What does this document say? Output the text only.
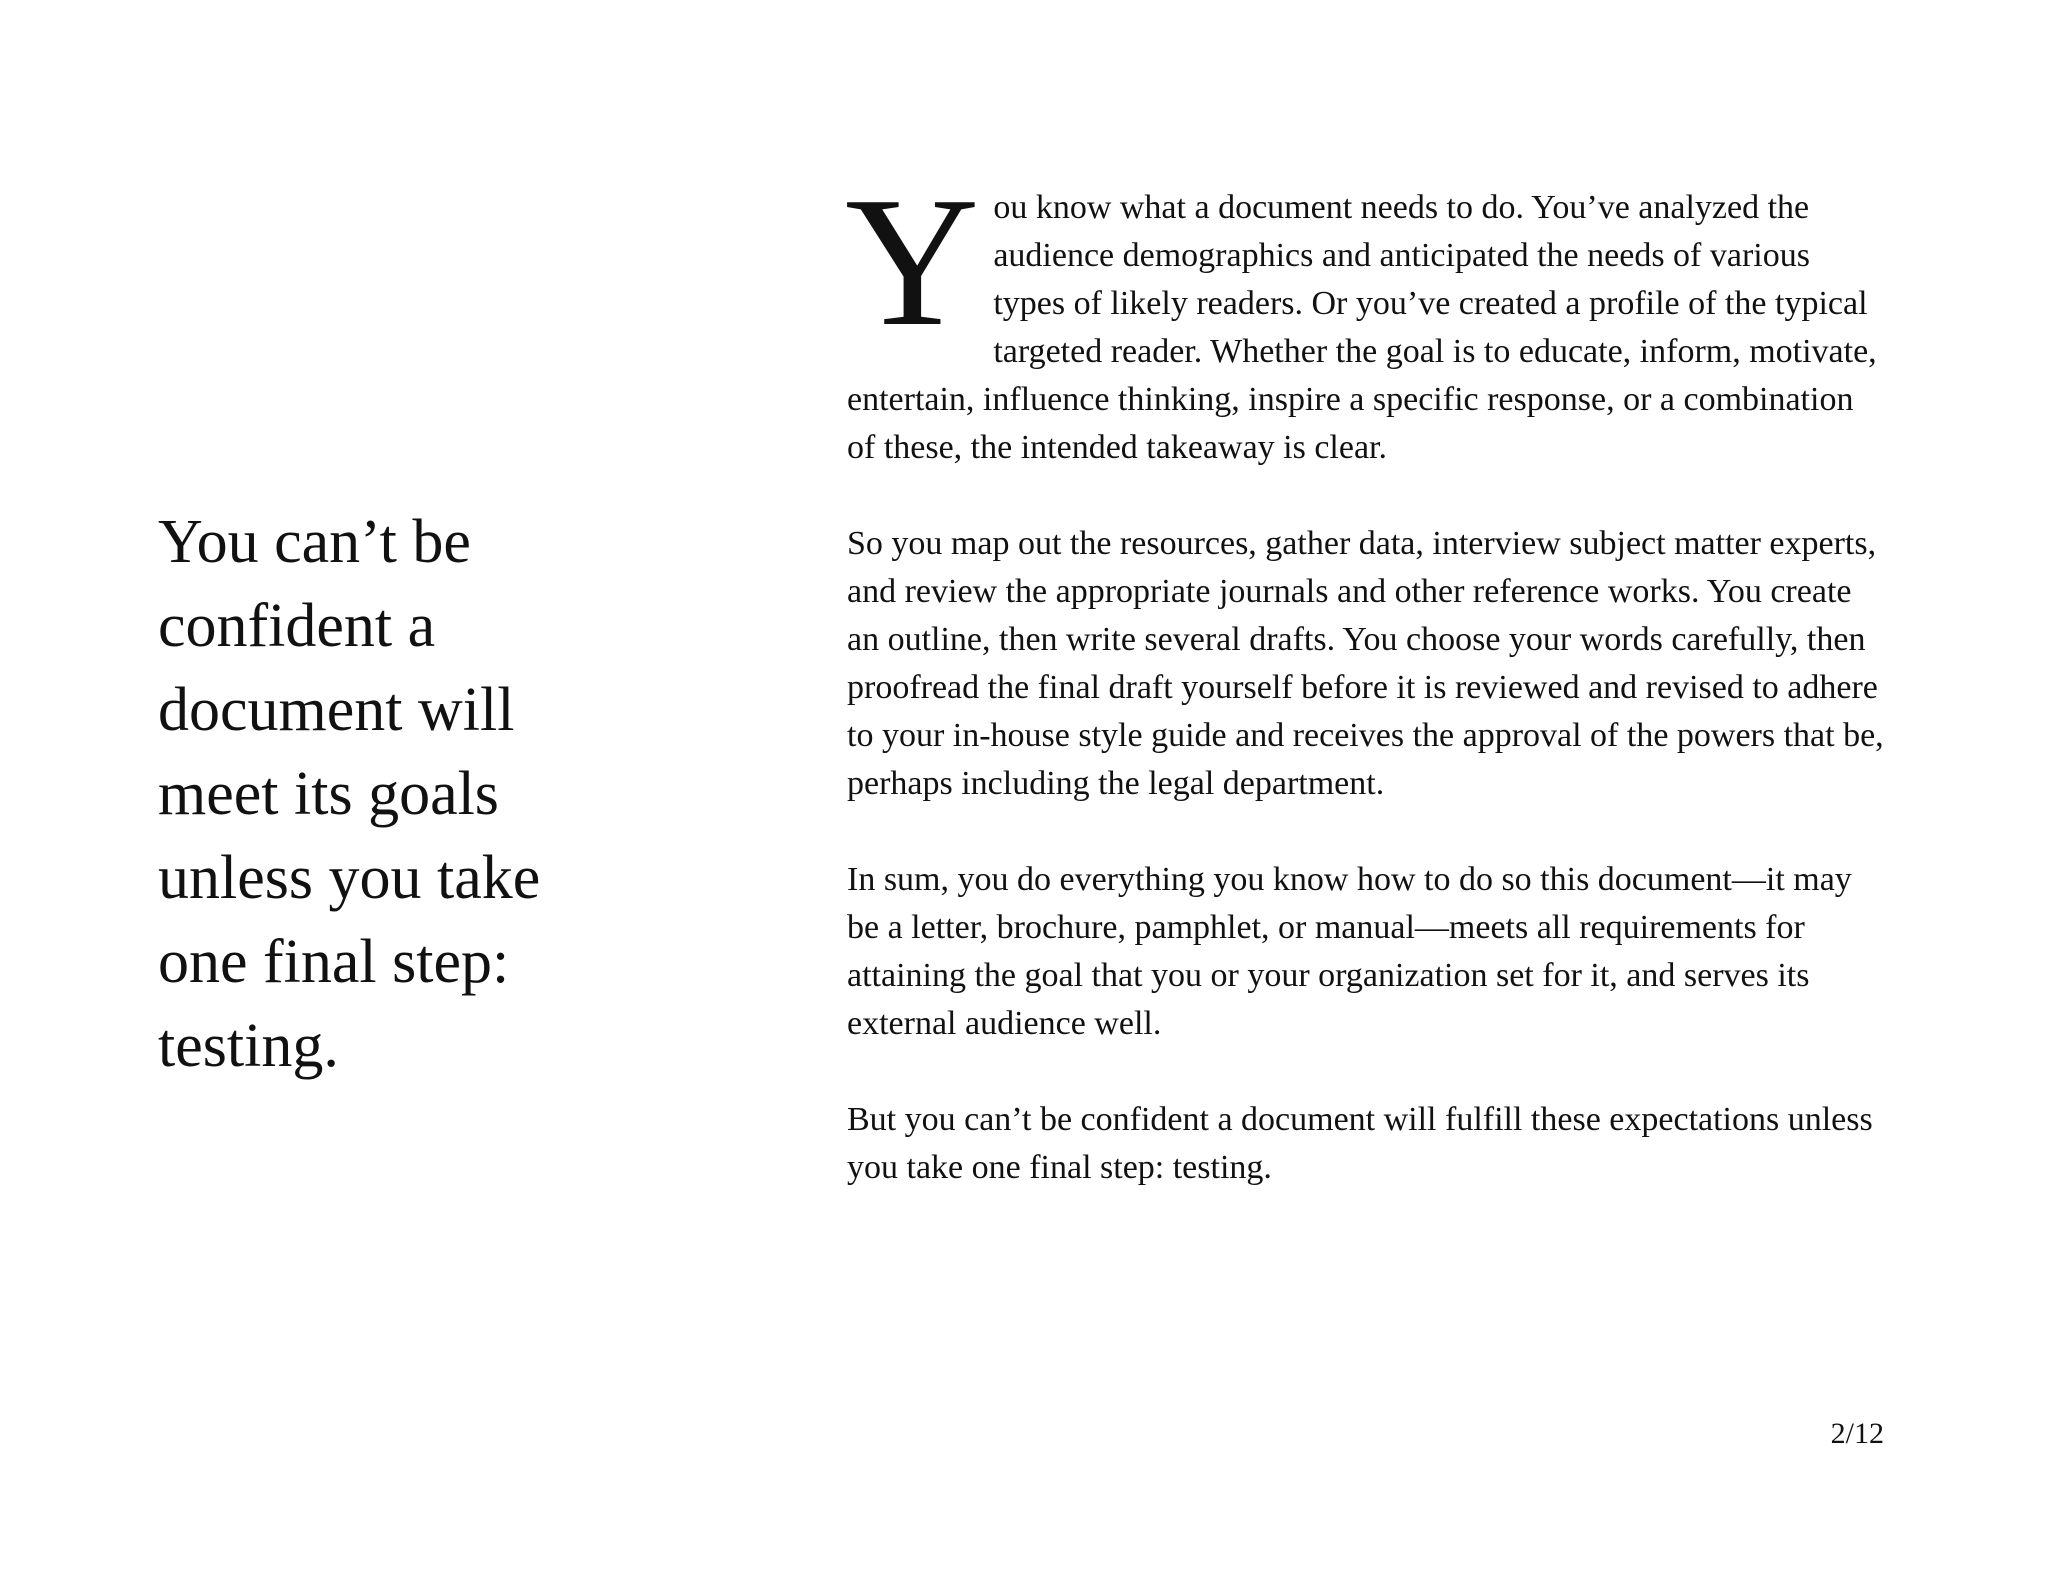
You can’t be confident a document will meet its goals unless you take one final step: testing.

You know what a document needs to do. You’ve analyzed the audience demographics and anticipated the needs of various types of likely readers. Or you’ve created a profile of the typical targeted reader. Whether the goal is to educate, inform, motivate, entertain, influence thinking, inspire a specific response, or a combination of these, the intended takeaway is clear.

So you map out the resources, gather data, interview subject matter experts, and review the appropriate journals and other reference works. You create an outline, then write several drafts. You choose your words carefully, then proofread the final draft yourself before it is reviewed and revised to adhere to your in-house style guide and receives the approval of the powers that be, perhaps including the legal department.

In sum, you do everything you know how to do so this document—it may be a letter, brochure, pamphlet, or manual—meets all requirements for attaining the goal that you or your organization set for it, and serves its external audience well.

But you can’t be confident a document will fulfill these expectations unless you take one final step: testing.

2/12
